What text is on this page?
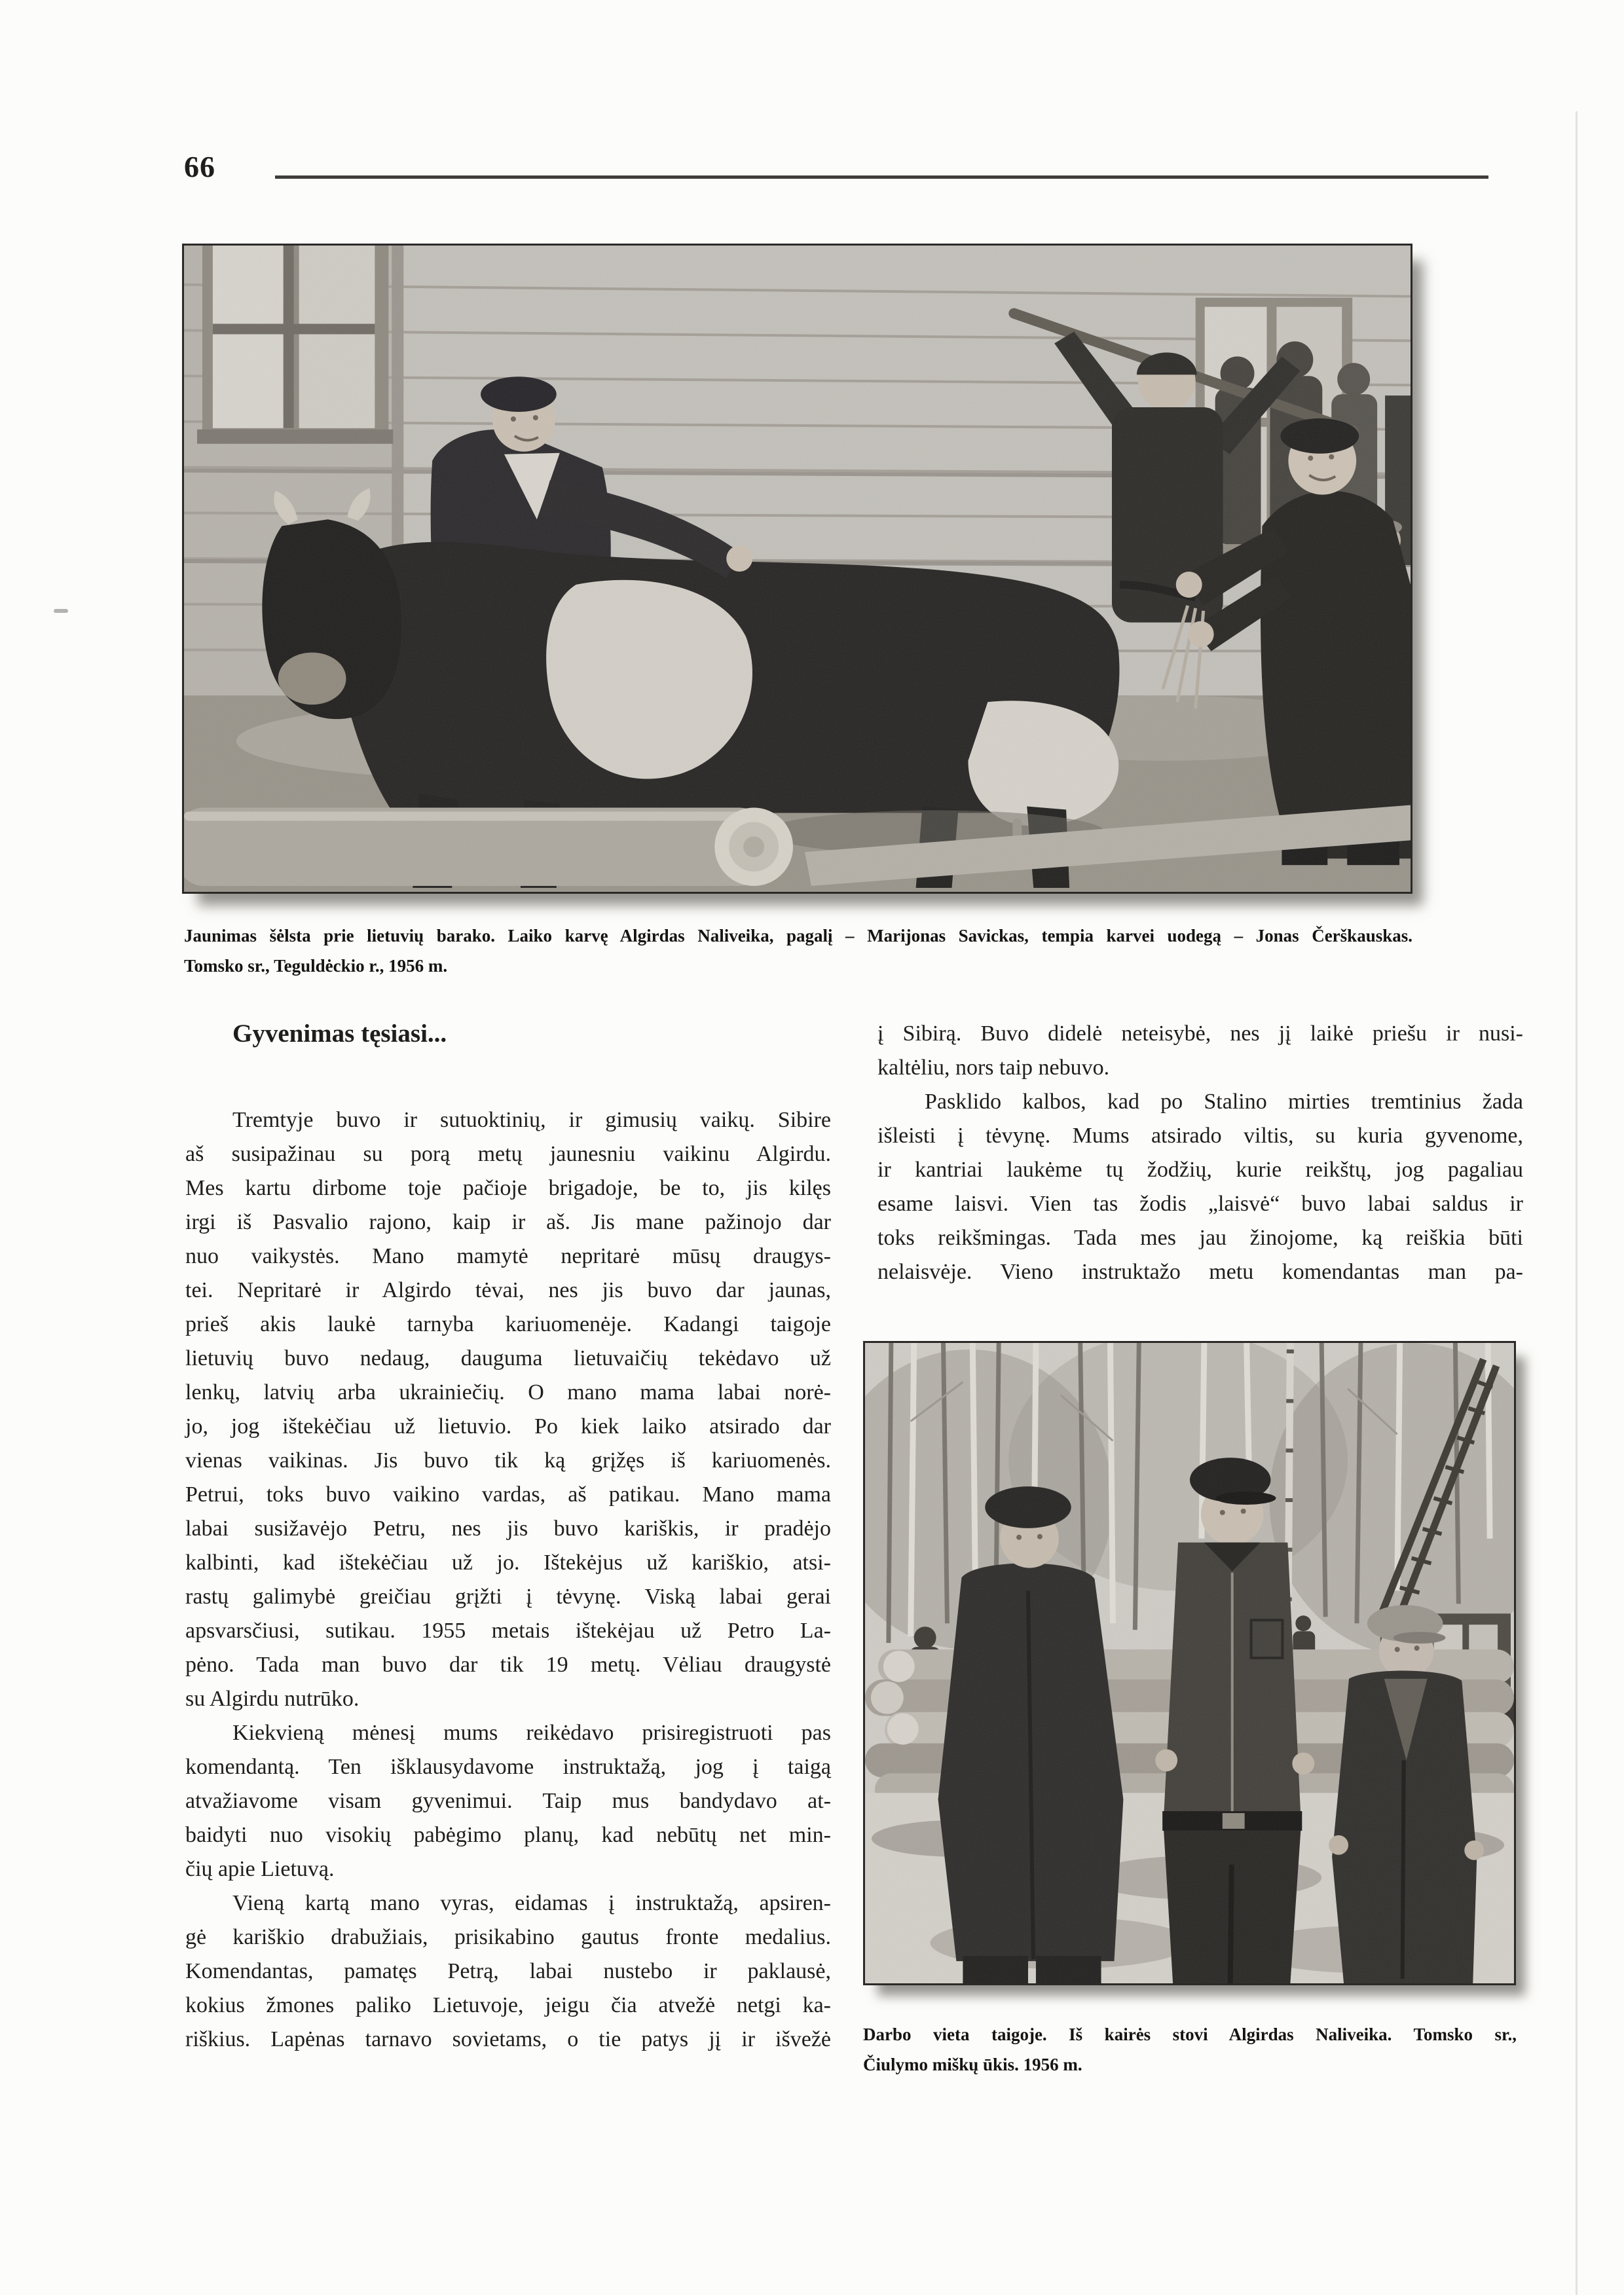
66
Jaunimas šėlsta prie lietuvių barako. Laiko karvę Algirdas Naliveika, pagalį – Marijonas Savickas, tempia karvei uodegą – Jonas Čerškauskas.
Tomsko sr., Teguldėckio r., 1956 m.
Gyvenimas tęsiasi...
Tremtyje buvo ir sutuoktinių, ir gimusių vaikų. Sibire
aš susipažinau su porą metų jaunesniu vaikinu Algirdu.
Mes kartu dirbome toje pačioje brigadoje, be to, jis kilęs
irgi iš Pasvalio rajono, kaip ir aš. Jis mane pažinojo dar
nuo vaikystės. Mano mamytė nepritarė mūsų draugys-
tei. Nepritarė ir Algirdo tėvai, nes jis buvo dar jaunas,
prieš akis laukė tarnyba kariuomenėje. Kadangi taigoje
lietuvių buvo nedaug, dauguma lietuvaičių tekėdavo už
lenkų, latvių arba ukrainiečių. O mano mama labai norė-
jo, jog ištekėčiau už lietuvio. Po kiek laiko atsirado dar
vienas vaikinas. Jis buvo tik ką grįžęs iš kariuomenės.
Petrui, toks buvo vaikino vardas, aš patikau. Mano mama
labai susižavėjo Petru, nes jis buvo kariškis, ir pradėjo
kalbinti, kad ištekėčiau už jo. Ištekėjus už kariškio, atsi-
rastų galimybė greičiau grįžti į tėvynę. Viską labai gerai
apsvarsčiusi, sutikau. 1955 metais ištekėjau už Petro La-
pėno. Tada man buvo dar tik 19 metų. Vėliau draugystė
su Algirdu nutrūko.
Kiekvieną mėnesį mums reikėdavo prisiregistruoti pas
komendantą. Ten išklausydavome instruktažą, jog į taigą
atvažiavome visam gyvenimui. Taip mus bandydavo at-
baidyti nuo visokių pabėgimo planų, kad nebūtų net min-
čių apie Lietuvą.
Vieną kartą mano vyras, eidamas į instruktažą, apsiren-
gė kariškio drabužiais, prisikabino gautus fronte medalius.
Komendantas, pamatęs Petrą, labai nustebo ir paklausė,
kokius žmones paliko Lietuvoje, jeigu čia atvežė netgi ka-
riškius. Lapėnas tarnavo sovietams, o tie patys jį ir išvežė
į Sibirą. Buvo didelė neteisybė, nes jį laikė priešu ir nusi-
kaltėliu, nors taip nebuvo.
Pasklido kalbos, kad po Stalino mirties tremtinius žada
išleisti į tėvynę. Mums atsirado viltis, su kuria gyvenome,
ir kantriai laukėme tų žodžių, kurie reikštų, jog pagaliau
esame laisvi. Vien tas žodis „laisvė“ buvo labai saldus ir
toks reikšmingas. Tada mes jau žinojome, ką reiškia būti
nelaisvėje. Vieno instruktažo metu komendantas man pa-
Darbo vieta taigoje. Iš kairės stovi Algirdas Naliveika. Tomsko sr.,
Čiulymo miškų ūkis. 1956 m.
